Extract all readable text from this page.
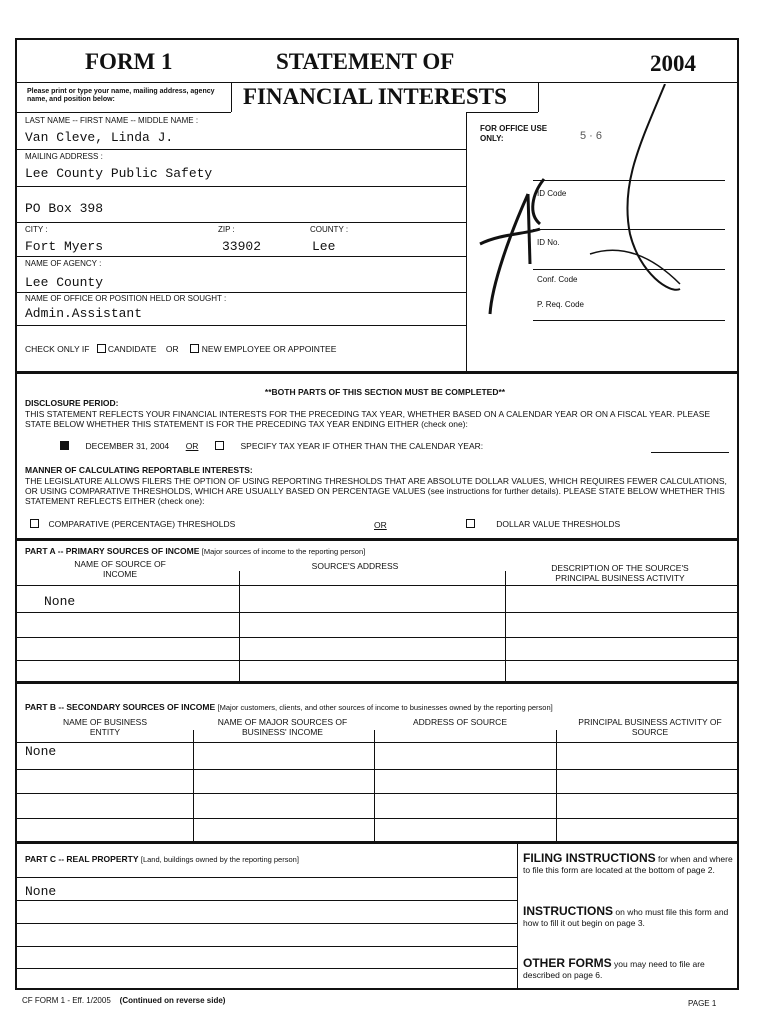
FORM 1	STATEMENT OF	2004
FINANCIAL INTERESTS
Please print or type your name, mailing address, agency name, and position below:
LAST NAME -- FIRST NAME -- MIDDLE NAME :
Van Cleve, Linda J.
MAILING ADDRESS :
Lee County Public Safety
PO Box 398
CITY :	ZIP :	COUNTY :
Fort Myers	33902	Lee
NAME OF AGENCY :
Lee County
NAME OF OFFICE OR POSITION HELD OR SOUGHT :
Admin.Assistant
CHECK ONLY IF CANDIDATE OR	NEW EMPLOYEE OR APPOINTEE
FOR OFFICE USE ONLY:
ID Code
ID No.
Conf. Code
P. Req. Code
5 · 6
**BOTH PARTS OF THIS SECTION MUST BE COMPLETED**
DISCLOSURE PERIOD:
THIS STATEMENT REFLECTS YOUR FINANCIAL INTERESTS FOR THE PRECEDING TAX YEAR, WHETHER BASED ON A CALENDAR YEAR OR ON A FISCAL YEAR. PLEASE STATE BELOW WHETHER THIS STATEMENT IS FOR THE PRECEDING TAX YEAR ENDING EITHER (check one):
DECEMBER 31, 2004 OR	SPECIFY TAX YEAR IF OTHER THAN THE CALENDAR YEAR:
MANNER OF CALCULATING REPORTABLE INTERESTS:
THE LEGISLATURE ALLOWS FILERS THE OPTION OF USING REPORTING THRESHOLDS THAT ARE ABSOLUTE DOLLAR VALUES, WHICH REQUIRES FEWER CALCULATIONS, OR USING COMPARATIVE THRESHOLDS, WHICH ARE USUALLY BASED ON PERCENTAGE VALUES (see instructions for further details). PLEASE STATE BELOW WHETHER THIS STATEMENT REFLECTS EITHER (check one):
COMPARATIVE (PERCENTAGE) THRESHOLDS	OR	DOLLAR VALUE THRESHOLDS
PART A -- PRIMARY SOURCES OF INCOME [Major sources of income to the reporting person]
NAME OF SOURCE OF INCOME
SOURCE'S ADDRESS	DESCRIPTION OF THE SOURCE'S PRINCIPAL BUSINESS ACTIVITY
None
PART B -- SECONDARY SOURCES OF INCOME [Major customers, clients, and other sources of income to businesses owned by the reporting person]
NAME OF BUSINESS ENTITY
NAME OF MAJOR SOURCES OF BUSINESS' INCOME
ADDRESS OF SOURCE	PRINCIPAL BUSINESS ACTIVITY OF SOURCE
None
PART C -- REAL PROPERTY [Land, buildings owned by the reporting person]
None
FILING INSTRUCTIONS for when and where to file this form are located at the bottom of page 2.
INSTRUCTIONS on who must file this form and how to fill it out begin on page 3.
OTHER FORMS you may need to file are described on page 6.
CF FORM 1 - Eff. 1/2005 (Continued on reverse side)	PAGE 1
